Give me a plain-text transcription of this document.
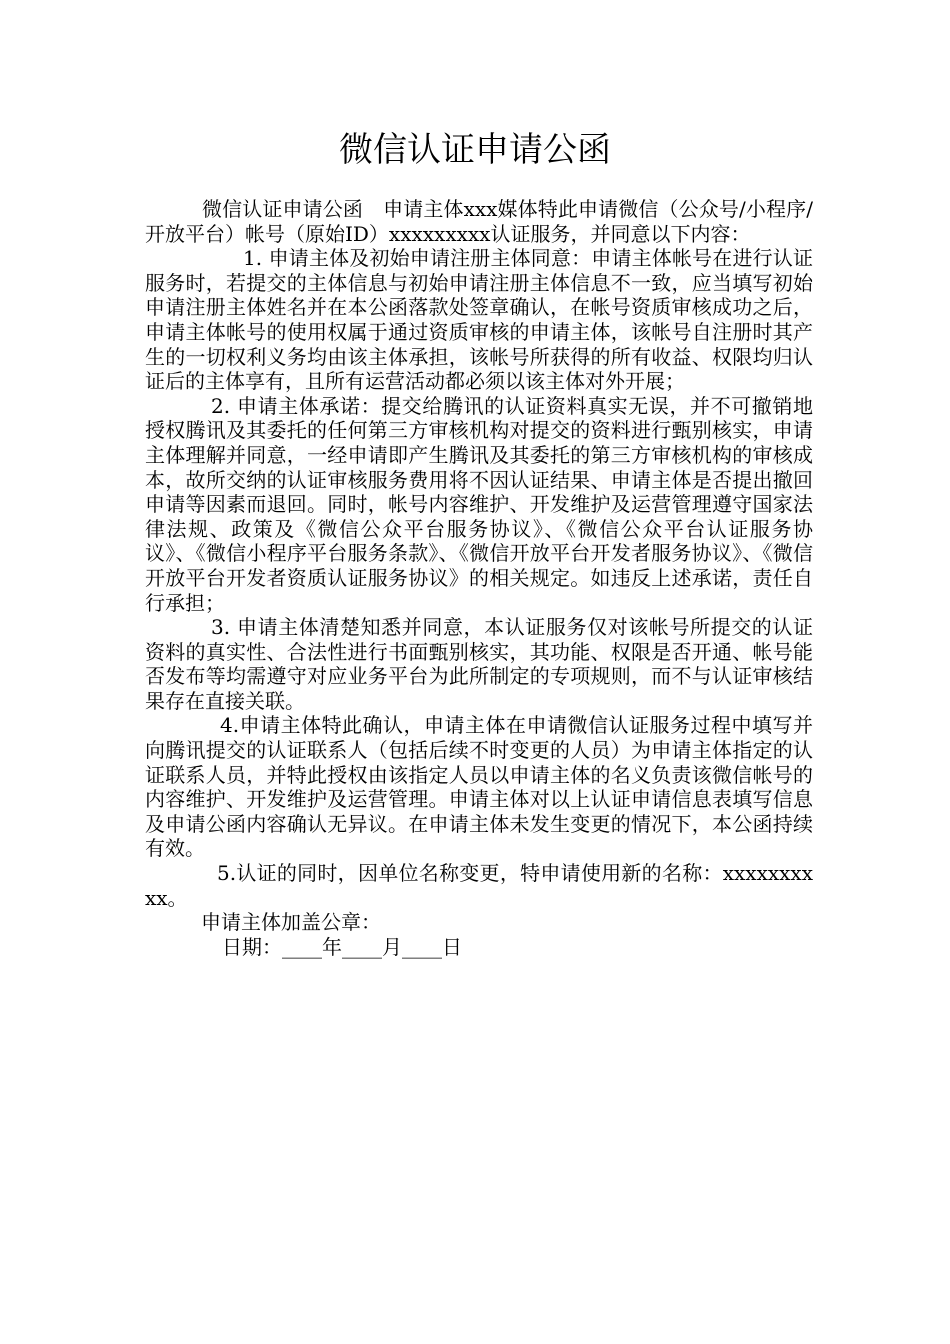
微信认证申请公函

微信认证申请公函　申请主体xxx媒体特此申请微信（公众号/小程序/开放平台）帐号（原始ID）xxxxxxxxx认证服务，并同意以下内容：

1. 申请主体及初始申请注册主体同意：申请主体帐号在进行认证服务时，若提交的主体信息与初始申请注册主体信息不一致，应当填写初始申请注册主体姓名并在本公函落款处签章确认，在帐号资质审核成功之后，申请主体帐号的使用权属于通过资质审核的申请主体，该帐号自注册时其产生的一切权利义务均由该主体承担，该帐号所获得的所有收益、权限均归认证后的主体享有，且所有运营活动都必须以该主体对外开展；

2. 申请主体承诺：提交给腾讯的认证资料真实无误，并不可撤销地授权腾讯及其委托的任何第三方审核机构对提交的资料进行甄别核实，申请主体理解并同意，一经申请即产生腾讯及其委托的第三方审核机构的审核成本，故所交纳的认证审核服务费用将不因认证结果、申请主体是否提出撤回申请等因素而退回。同时，帐号内容维护、开发维护及运营管理遵守国家法律法规、政策及《微信公众平台服务协议》、《微信公众平台认证服务协议》、《微信小程序平台服务条款》、《微信开放平台开发者服务协议》、《微信开放平台开发者资质认证服务协议》的相关规定。如违反上述承诺，责任自行承担；

3. 申请主体清楚知悉并同意，本认证服务仅对该帐号所提交的认证资料的真实性、合法性进行书面甄别核实，其功能、权限是否开通、帐号能否发布等均需遵守对应业务平台为此所制定的专项规则，而不与认证审核结果存在直接关联。

4.申请主体特此确认，申请主体在申请微信认证服务过程中填写并向腾讯提交的认证联系人（包括后续不时变更的人员）为申请主体指定的认证联系人员，并特此授权由该指定人员以申请主体的名义负责该微信帐号的内容维护、开发维护及运营管理。申请主体对以上认证申请信息表填写信息及申请公函内容确认无异议。在申请主体未发生变更的情况下，本公函持续有效。

5.认证的同时，因单位名称变更，特申请使用新的名称：xxxxxxxxxx。

申请主体加盖公章：

日期：____年____月____日
